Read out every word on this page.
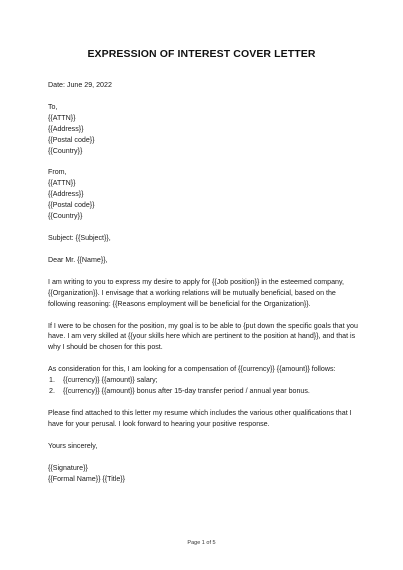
EXPRESSION OF INTEREST COVER LETTER
Date: June 29, 2022
To,
{{ATTN}}
{{Address}}
{{Postal code}}
{{Country}}
From,
{{ATTN}}
{{Address}}
{{Postal code}}
{{Country}}
Subject: {{Subject}},
Dear Mr. {{Name}},
I am writing to you to express my desire to apply for {{Job position}} in the esteemed company,
{{Organization}}. I envisage that a working relations will be mutually beneficial, based on the
following reasoning: {{Reasons employment will be beneficial for the Organization}}.
If I were to be chosen for the position, my goal is to be able to {put down the specific goals that you
have. I am very skilled at {{your skills here which are pertinent to the position at hand}}, and that is
why I should be chosen for this post.
As consideration for this, I am looking for a compensation of {{currency}} {{amount}} follows:
1. {{currency}} {{amount}} salary;
2. {{currency}} {{amount}} bonus after 15-day transfer period / annual year bonus.
Please find attached to this letter my resume which includes the various other qualifications that I
have for your perusal. I look forward to hearing your positive response.
Yours sincerely,
{{Signature}}
{{Formal Name}} {{Title}}
Page 1 of 5
